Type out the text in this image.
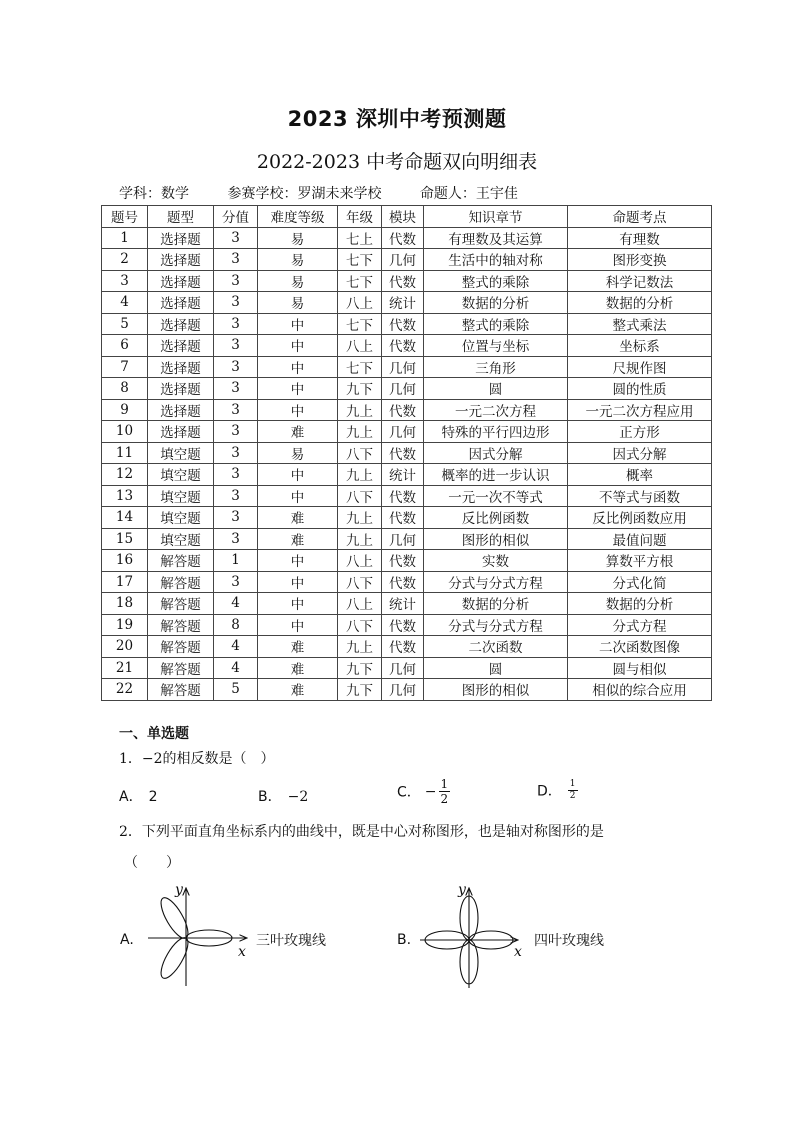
2023 深圳中考预测题
2022-2023 中考命题双向明细表
学科：数学	参赛学校：罗湖未来学校	命题人：王宇佳
题号	题型	分值	难度等级	年级	模块	知识章节	命题考点
1	选择题	3	易	七上	代数	有理数及其运算	有理数
2	选择题	3	易	七下	几何	生活中的轴对称	图形变换
3	选择题	3	易	七下	代数	整式的乘除	科学记数法
4	选择题	3	易	八上	统计	数据的分析	数据的分析
5	选择题	3	中	七下	代数	整式的乘除	整式乘法
6	选择题	3	中	八上	代数	位置与坐标	坐标系
7	选择题	3	中	七下	几何	三角形	尺规作图
8	选择题	3	中	九下	几何	圆	圆的性质
9	选择题	3	中	九上	代数	一元二次方程	一元二次方程应用
10	选择题	3	难	九上	几何	特殊的平行四边形	正方形
11	填空题	3	易	八下	代数	因式分解	因式分解
12	填空题	3	中	九上	统计	概率的进一步认识	概率
13	填空题	3	中	八下	代数	一元一次不等式	不等式与函数
14	填空题	3	难	九上	代数	反比例函数	反比例函数应用
15	填空题	3	难	九上	几何	图形的相似	最值问题
16	解答题	1	中	八上	代数	实数	算数平方根
17	解答题	3	中	八下	代数	分式与分式方程	分式化简
18	解答题	4	中	八上	统计	数据的分析	数据的分析
19	解答题	8	中	八下	代数	分式与分式方程	分式方程
20	解答题	4	难	九上	代数	二次函数	二次函数图像
21	解答题	4	难	九下	几何	圆	圆与相似
22	解答题	5	难	九下	几何	图形的相似	相似的综合应用
一、单选题
1．−2的相反数是（　）
A． 2	B． −2	C． − $\frac{1}{2}$	D． $\frac{1}{2}$
2．下列平面直角坐标系内的曲线中，既是中心对称图形，也是轴对称图形的是
（　　）
A.
y
x
三叶玫瑰线	B.
y
x
四叶玫瑰线
